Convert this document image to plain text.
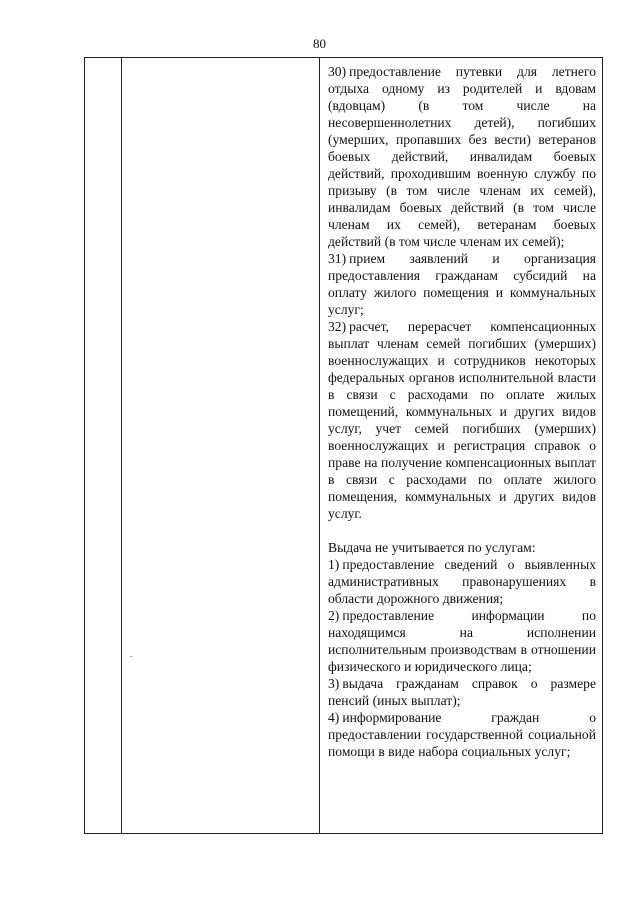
80

30) предоставление путевки для летнего отдыха одному из родителей и вдовам (вдовцам) (в том числе на несовершеннолетних детей), погибших (умерших, пропавших без вести) ветеранов боевых действий, инвалидам боевых действий, проходившим военную службу по призыву (в том числе членам их семей), инвалидам боевых действий (в том числе членам их семей), ветеранам боевых действий (в том числе членам их семей);

31) прием заявлений и организация предоставления гражданам субсидий на оплату жилого помещения и коммунальных услуг;

32) расчет, перерасчет компенсационных выплат членам семей погибших (умерших) военнослужащих и сотрудников некоторых федеральных органов исполнительной власти в связи с расходами по оплате жилых помещений, коммунальных и других видов услуг, учет семей погибших (умерших) военнослужащих и регистрация справок о праве на получение компенсационных выплат в связи с расходами по оплате жилого помещения, коммунальных и других видов услуг.

Выдача не учитывается по услугам:

1) предоставление сведений о выявленных административных правонарушениях в области дорожного движения;

2) предоставление информации по находящимся на исполнении исполнительным производствам в отношении физического и юридического лица;

3) выдача гражданам справок о размере пенсий (иных выплат);

4) информирование граждан о предоставлении государственной социальной помощи в виде набора социальных услуг;
